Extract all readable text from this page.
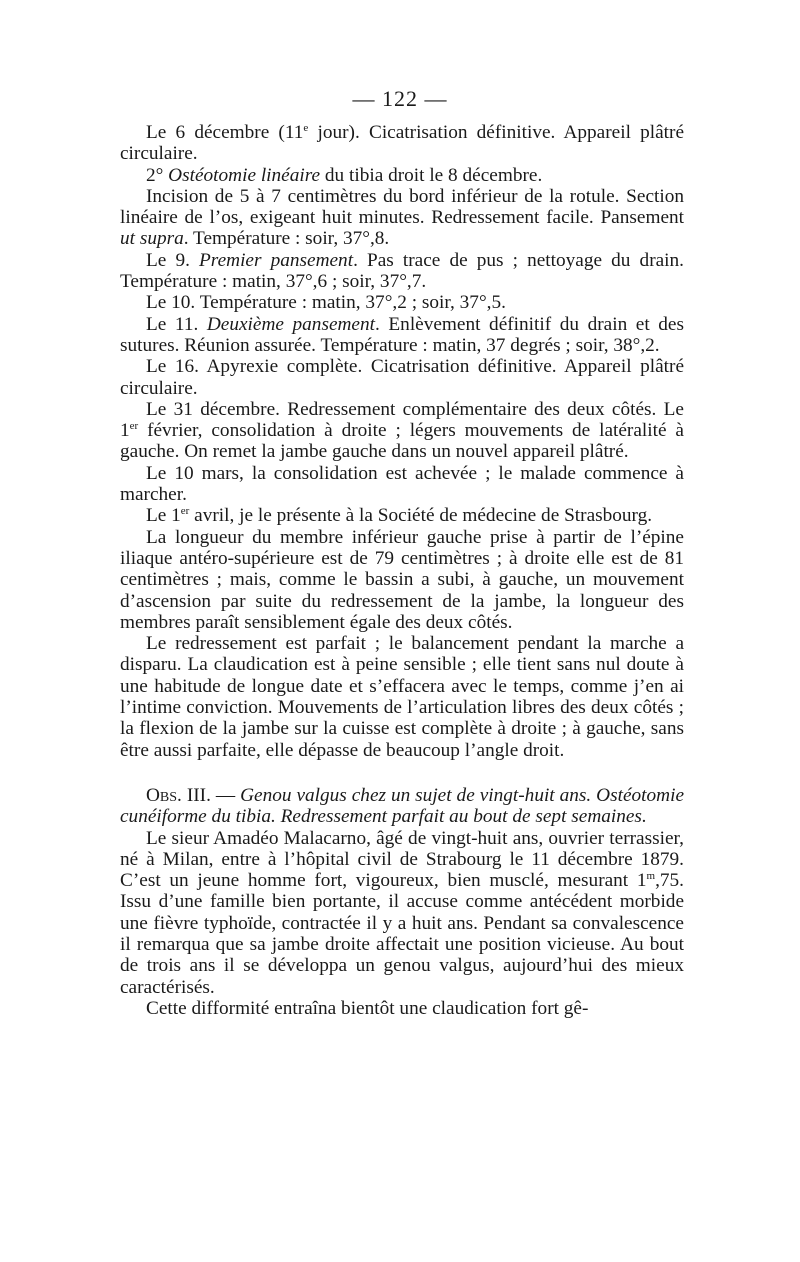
— 122 —

Le 6 décembre (11e jour). Cicatrisation définitive. Appareil plâtré circulaire.

2° Ostéotomie linéaire du tibia droit le 8 décembre.

Incision de 5 à 7 centimètres du bord inférieur de la rotule. Section linéaire de l’os, exigeant huit minutes. Redressement facile. Pansement ut supra. Température : soir, 37°,8.

Le 9. Premier pansement. Pas trace de pus ; nettoyage du drain. Température : matin, 37°,6 ; soir, 37°,7.

Le 10. Température : matin, 37°,2 ; soir, 37°,5.

Le 11. Deuxième pansement. Enlèvement définitif du drain et des sutures. Réunion assurée. Température : matin, 37 degrés ; soir, 38°,2.

Le 16. Apyrexie complète. Cicatrisation définitive. Appareil plâtré circulaire.

Le 31 décembre. Redressement complémentaire des deux côtés. Le 1er février, consolidation à droite ; légers mouvements de latéralité à gauche. On remet la jambe gauche dans un nouvel appareil plâtré.

Le 10 mars, la consolidation est achevée ; le malade commence à marcher.

Le 1er avril, je le présente à la Société de médecine de Strasbourg.

La longueur du membre inférieur gauche prise à partir de l’épine iliaque antéro-supérieure est de 79 centimètres ; à droite elle est de 81 centimètres ; mais, comme le bassin a subi, à gauche, un mouvement d’ascension par suite du redressement de la jambe, la longueur des membres paraît sensiblement égale des deux côtés.

Le redressement est parfait ; le balancement pendant la marche a disparu. La claudication est à peine sensible ; elle tient sans nul doute à une habitude de longue date et s’effacera avec le temps, comme j’en ai l’intime conviction. Mouvements de l’articulation libres des deux côtés ; la flexion de la jambe sur la cuisse est complète à droite ; à gauche, sans être aussi parfaite, elle dépasse de beaucoup l’angle droit.

Obs. III. — Genou valgus chez un sujet de vingt-huit ans. Ostéotomie cunéiforme du tibia. Redressement parfait au bout de sept semaines.

Le sieur Amadéo Malacarno, âgé de vingt-huit ans, ouvrier terrassier, né à Milan, entre à l’hôpital civil de Strabourg le 11 décembre 1879. C’est un jeune homme fort, vigoureux, bien musclé, mesurant 1$^m$,75. Issu d’une famille bien portante, il accuse comme antécédent morbide une fièvre typhoïde, contractée il y a huit ans. Pendant sa convalescence il remarqua que sa jambe droite affectait une position vicieuse. Au bout de trois ans il se développa un genou valgus, aujourd’hui des mieux caractérisés.

Cette difformité entraîna bientôt une claudication fort gê-
